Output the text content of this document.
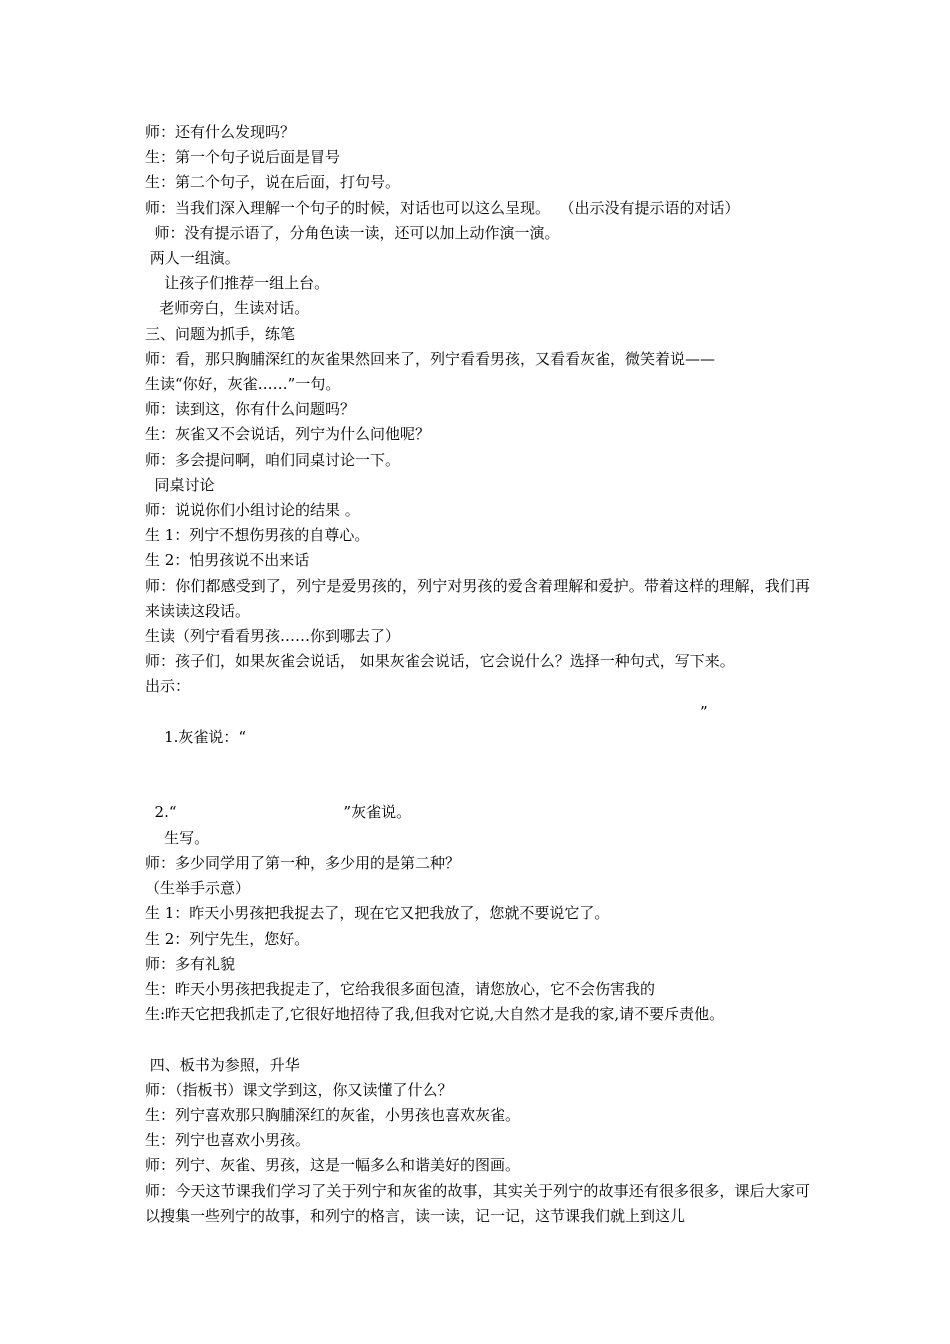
师：还有什么发现吗？
生：第一个句子说后面是冒号
生：第二个句子，说在后面，打句号。
师：当我们深入理解一个句子的时候，对话也可以这么呈现。  （出示没有提示语的对话）
师：没有提示语了，分角色读一读，还可以加上动作演一演。
两人一组演。
让孩子们推荐一组上台。
老师旁白，生读对话。
三、问题为抓手，练笔
师：看，那只胸脯深红的灰雀果然回来了，列宁看看男孩，又看看灰雀，微笑着说——
生读“你好，灰雀……”一句。
师：读到这，你有什么问题吗？
生：灰雀又不会说话，列宁为什么问他呢？
师：多会提问啊，咱们同桌讨论一下。
同桌讨论
师：说说你们小组讨论的结果 。
生 1：列宁不想伤男孩的自尊心。
生 2：怕男孩说不出来话
师：你们都感受到了，列宁是爱男孩的，列宁对男孩的爱含着理解和爱护。带着这样的理解，我们再来读读这段话。
生读（列宁看看男孩……你到哪去了）
师：孩子们，如果灰雀会说话， 如果灰雀会说话，它会说什么？选择一种句式，写下来。
出示：

1.灰雀说：“

”

2.“                                   ”灰雀说。
生写。
师：多少同学用了第一种，多少用的是第二种？
（生举手示意）
生 1：昨天小男孩把我捉去了，现在它又把我放了，您就不要说它了。
生 2：列宁先生，您好。
师：多有礼貌
生：昨天小男孩把我捉走了，它给我很多面包渣，请您放心，它不会伤害我的
生:昨天它把我抓走了,它很好地招待了我,但我对它说,大自然才是我的家,请不要斥责他。
四、板书为参照，升华
师：（指板书）课文学到这，你又读懂了什么？
生：列宁喜欢那只胸脯深红的灰雀，小男孩也喜欢灰雀。
生：列宁也喜欢小男孩。
师：列宁、灰雀、男孩，这是一幅多么和谐美好的图画。
师：今天这节课我们学习了关于列宁和灰雀的故事，其实关于列宁的故事还有很多很多，课后大家可以搜集一些列宁的故事，和列宁的格言，读一读，记一记，这节课我们就上到这儿
